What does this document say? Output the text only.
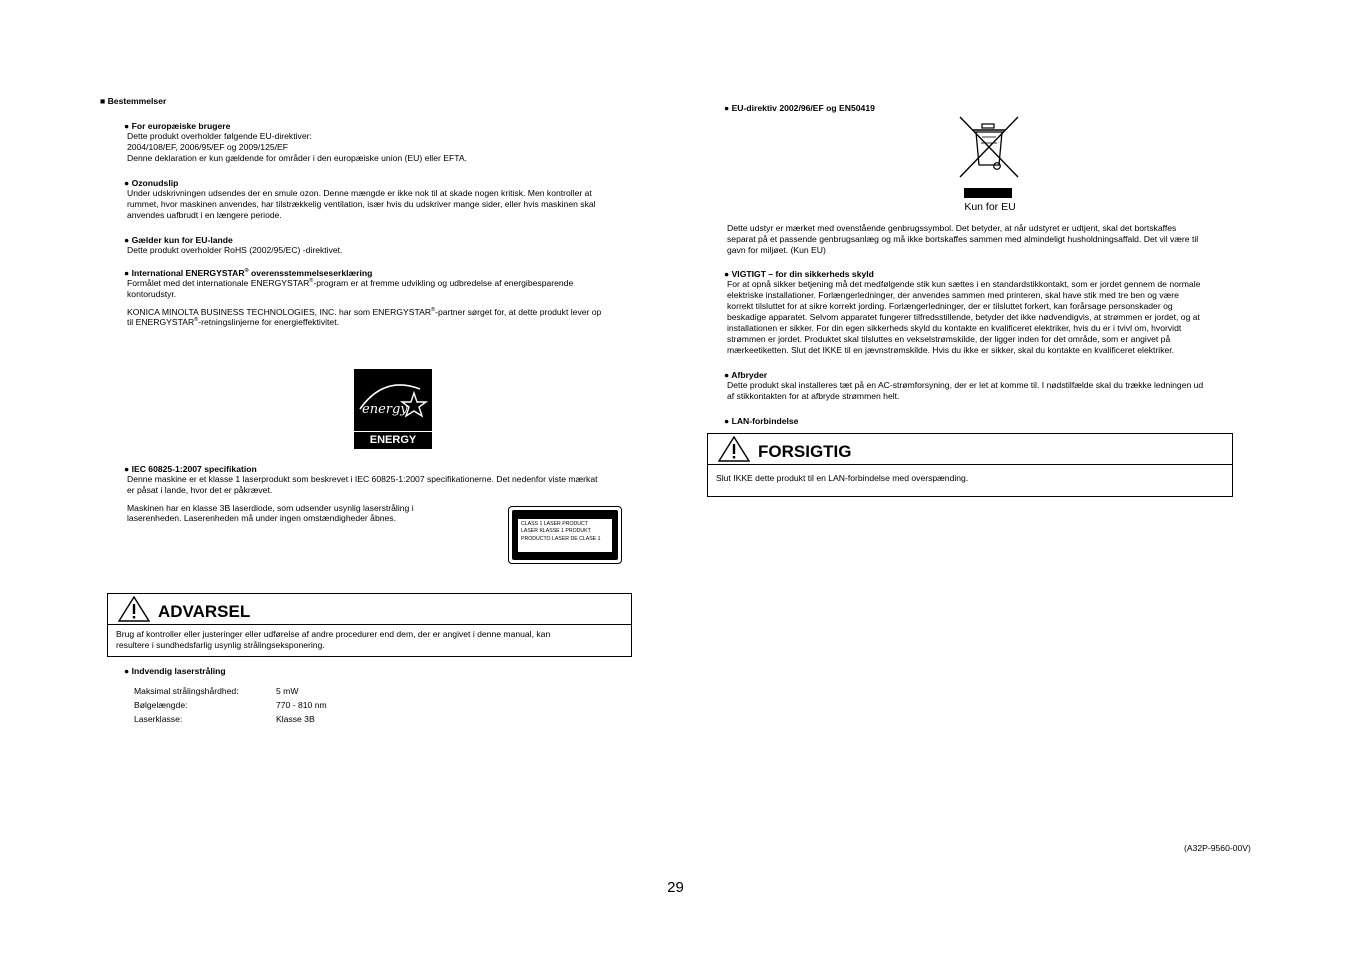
■ Bestemmelser
● For europæiske brugere
Dette produkt overholder følgende EU-direktiver:
2004/108/EF, 2006/95/EF og 2009/125/EF
Denne deklaration er kun gældende for områder i den europæiske union (EU) eller EFTA.
● Ozonudslip
Under udskrivningen udsendes der en smule ozon. Denne mængde er ikke nok til at skade nogen kritisk. Men kontroller at
rummet, hvor maskinen anvendes, har tilstrækkelig ventilation, især hvis du udskriver mange sider, eller hvis maskinen skal
anvendes uafbrudt i en længere periode.
● Gælder kun for EU-lande
Dette produkt overholder RoHS (2002/95/EC) -direktivet.
● International ENERGYSTAR® overensstemmelseserklæring
Formålet med det internationale ENERGYSTAR®-program er at fremme udvikling og udbredelse af energibesparende
kontorudstyr.
KONICA MINOLTA BUSINESS TECHNOLOGIES, INC. har som ENERGYSTAR®-partner sørget for, at dette produkt lever op
til ENERGYSTAR®-retningslinjerne for energieffektivitet.
energy
ENERGY STAR
● IEC 60825-1:2007 specifikation
Denne maskine er et klasse 1 laserprodukt som beskrevet i IEC 60825-1:2007 specifikationerne. Det nedenfor viste mærkat
er påsat i lande, hvor det er påkrævet.
Maskinen har en klasse 3B laserdiode, som udsender usynlig laserstråling i
laserenheden. Laserenheden må under ingen omstændigheder åbnes.
CLASS 1 LASER PRODUCT
LASER KLASSE 1 PRODUKT
PRODUCTO LASER DE CLASE 1
ADVARSEL
Brug af kontroller eller justeringer eller udførelse af andre procedurer end dem, der er angivet i denne manual, kan
resultere i sundhedsfarlig usynlig strålingseksponering.
● Indvendig laserstråling
Maksimal strålingshårdhed:	5 mW
Bølgelængde:	770 - 810 nm
Laserklasse:	Klasse 3B
● EU-direktiv 2002/96/EF og EN50419
Kun for EU
Dette udstyr er mærket med ovenstående genbrugssymbol. Det betyder, at når udstyret er udtjent, skal det bortskaffes
separat på et passende genbrugsanlæg og må ikke bortskaffes sammen med almindeligt husholdningsaffald. Det vil være til
gavn for miljøet. (Kun EU)
● VIGTIGT – for din sikkerheds skyld
For at opnå sikker betjening må det medfølgende stik kun sættes i en standardstikkontakt, som er jordet gennem de normale
elektriske installationer. Forlængerledninger, der anvendes sammen med printeren, skal have stik med tre ben og være
korrekt tilsluttet for at sikre korrekt jording. Forlængerledninger, der er tilsluttet forkert, kan forårsage personskader og
beskadige apparatet. Selvom apparatet fungerer tilfredsstillende, betyder det ikke nødvendigvis, at strømmen er jordet, og at
installationen er sikker. For din egen sikkerheds skyld du kontakte en kvalificeret elektriker, hvis du er i tvivl om, hvorvidt
strømmen er jordet. Produktet skal tilsluttes en vekselstrømskilde, der ligger inden for det område, som er angivet på
mærkeetiketten. Slut det IKKE til en jævnstrømskilde. Hvis du ikke er sikker, skal du kontakte en kvalificeret elektriker.
● Afbryder
Dette produkt skal installeres tæt på en AC-strømforsyning, der er let at komme til. I nødstilfælde skal du trække ledningen ud
af stikkontakten for at afbryde strømmen helt.
● LAN-forbindelse
FORSIGTIG
Slut IKKE dette produkt til en LAN-forbindelse med overspænding.
(A32P-9560-00V)
29
